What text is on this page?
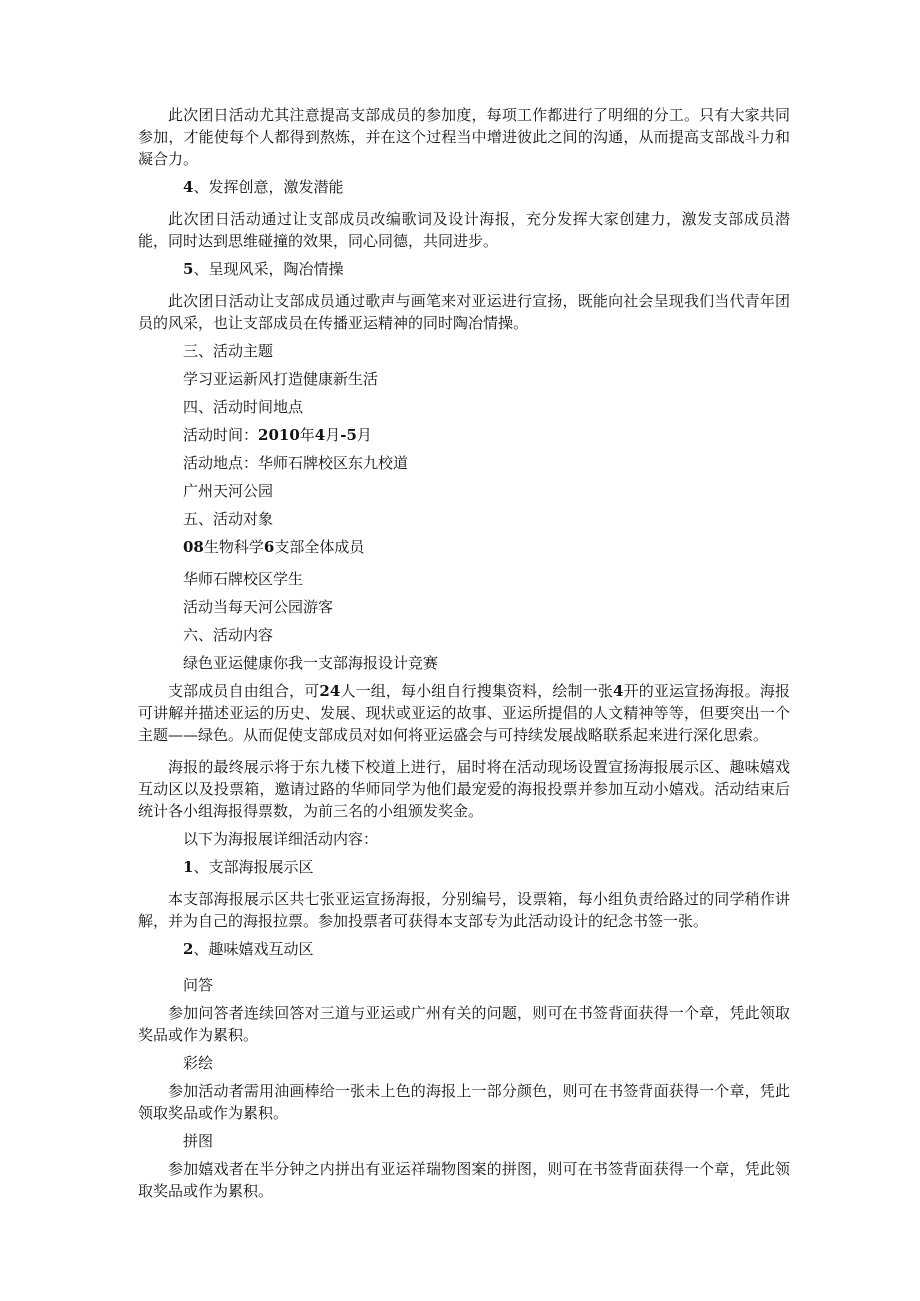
此次团日活动尤其注意提高支部成员的参加度，每项工作都进行了明细的分工。只有大家共同参加，才能使每个人都得到熬炼，并在这个过程当中增进彼此之间的沟通，从而提高支部战斗力和凝合力。

4、发挥创意，激发潜能

此次团日活动通过让支部成员改编歌词及设计海报，充分发挥大家创建力，激发支部成员潜能，同时达到思维碰撞的效果，同心同德，共同进步。

5、呈现风采，陶冶情操

此次团日活动让支部成员通过歌声与画笔来对亚运进行宣扬，既能向社会呈现我们当代青年团员的风采，也让支部成员在传播亚运精神的同时陶冶情操。

三、活动主题

学习亚运新风打造健康新生活

四、活动时间地点

活动时间：2010年4月-5月

活动地点：华师石牌校区东九校道

广州天河公园

五、活动对象

08生物科学6支部全体成员

华师石牌校区学生

活动当每天河公园游客

六、活动内容

绿色亚运健康你我一支部海报设计竞赛

支部成员自由组合，可24人一组，每小组自行搜集资料，绘制一张4开的亚运宣扬海报。海报可讲解并描述亚运的历史、发展、现状或亚运的故事、亚运所提倡的人文精神等等，但要突出一个主题——绿色。从而促使支部成员对如何将亚运盛会与可持续发展战略联系起来进行深化思索。

海报的最终展示将于东九楼下校道上进行，届时将在活动现场设置宣扬海报展示区、趣味嬉戏互动区以及投票箱，邀请过路的华师同学为他们最宠爱的海报投票并参加互动小嬉戏。活动结束后统计各小组海报得票数，为前三名的小组颁发奖金。

以下为海报展详细活动内容：

1、支部海报展示区

本支部海报展示区共七张亚运宣扬海报，分别编号，设票箱，每小组负责给路过的同学稍作讲解，并为自己的海报拉票。参加投票者可获得本支部专为此活动设计的纪念书签一张。

2、趣味嬉戏互动区

问答

参加问答者连续回答对三道与亚运或广州有关的问题，则可在书签背面获得一个章，凭此领取奖品或作为累积。

彩绘

参加活动者需用油画棒给一张未上色的海报上一部分颜色，则可在书签背面获得一个章，凭此领取奖品或作为累积。

拼图

参加嬉戏者在半分钟之内拼出有亚运祥瑞物图案的拼图，则可在书签背面获得一个章，凭此领取奖品或作为累积。
